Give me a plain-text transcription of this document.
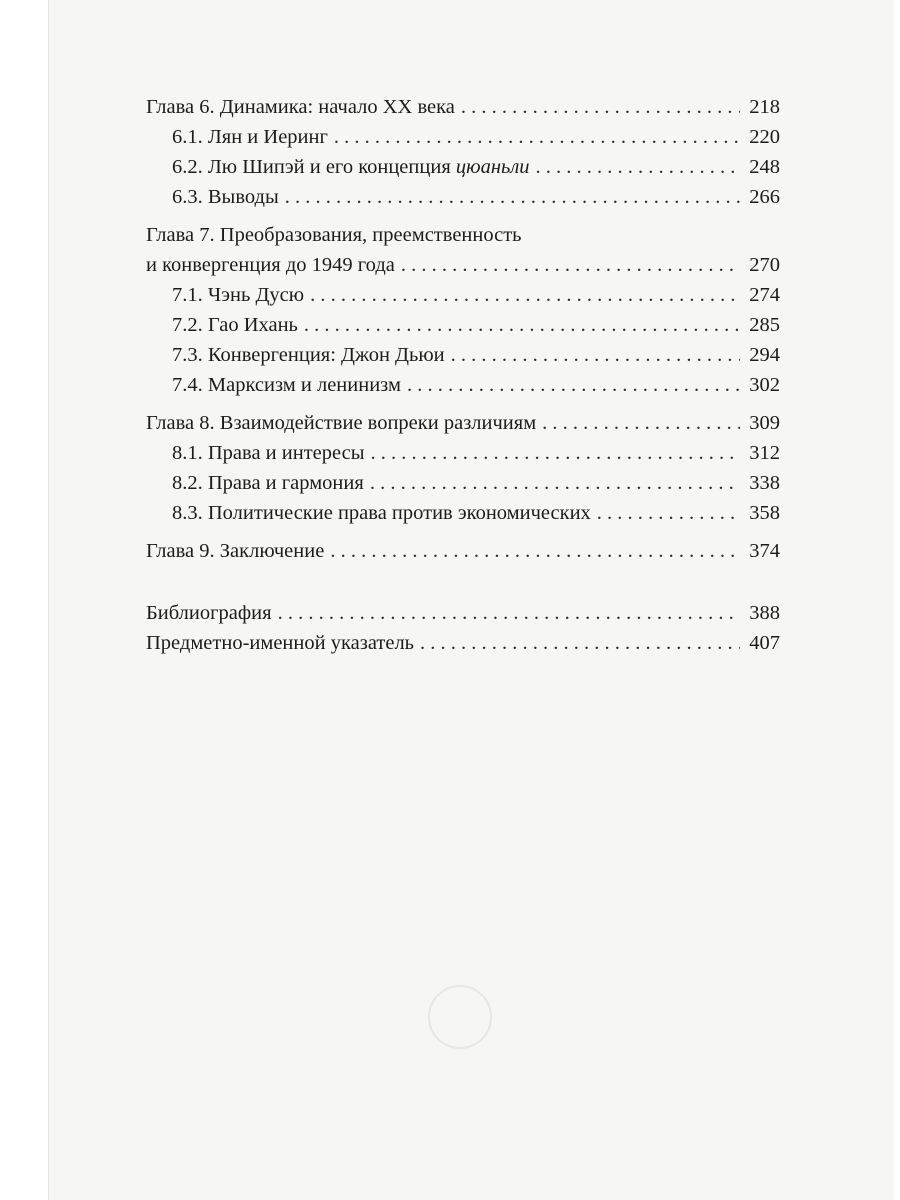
Глава 6. Динамика: начало XX века . . .	218
6.1. Лян и Иеринг . . .	220
6.2. Лю Шипэй и его концепция цюаньли . . .	248
6.3. Выводы . . .	266
Глава 7. Преобразования, преемственность
и конвергенция до 1949 года . . .	270
7.1. Чэнь Дусю . . .	274
7.2. Гао Ихань . . .	285
7.3. Конвергенция: Джон Дьюи . . .	294
7.4. Марксизм и ленинизм . . .	302
Глава 8. Взаимодействие вопреки различиям . . .	309
8.1. Права и интересы . . .	312
8.2. Права и гармония . . .	338
8.3. Политические права против экономических . . .	358
Глава 9. Заключение . . .	374
Библиография . . .	388
Предметно-именной указатель . . .	407
